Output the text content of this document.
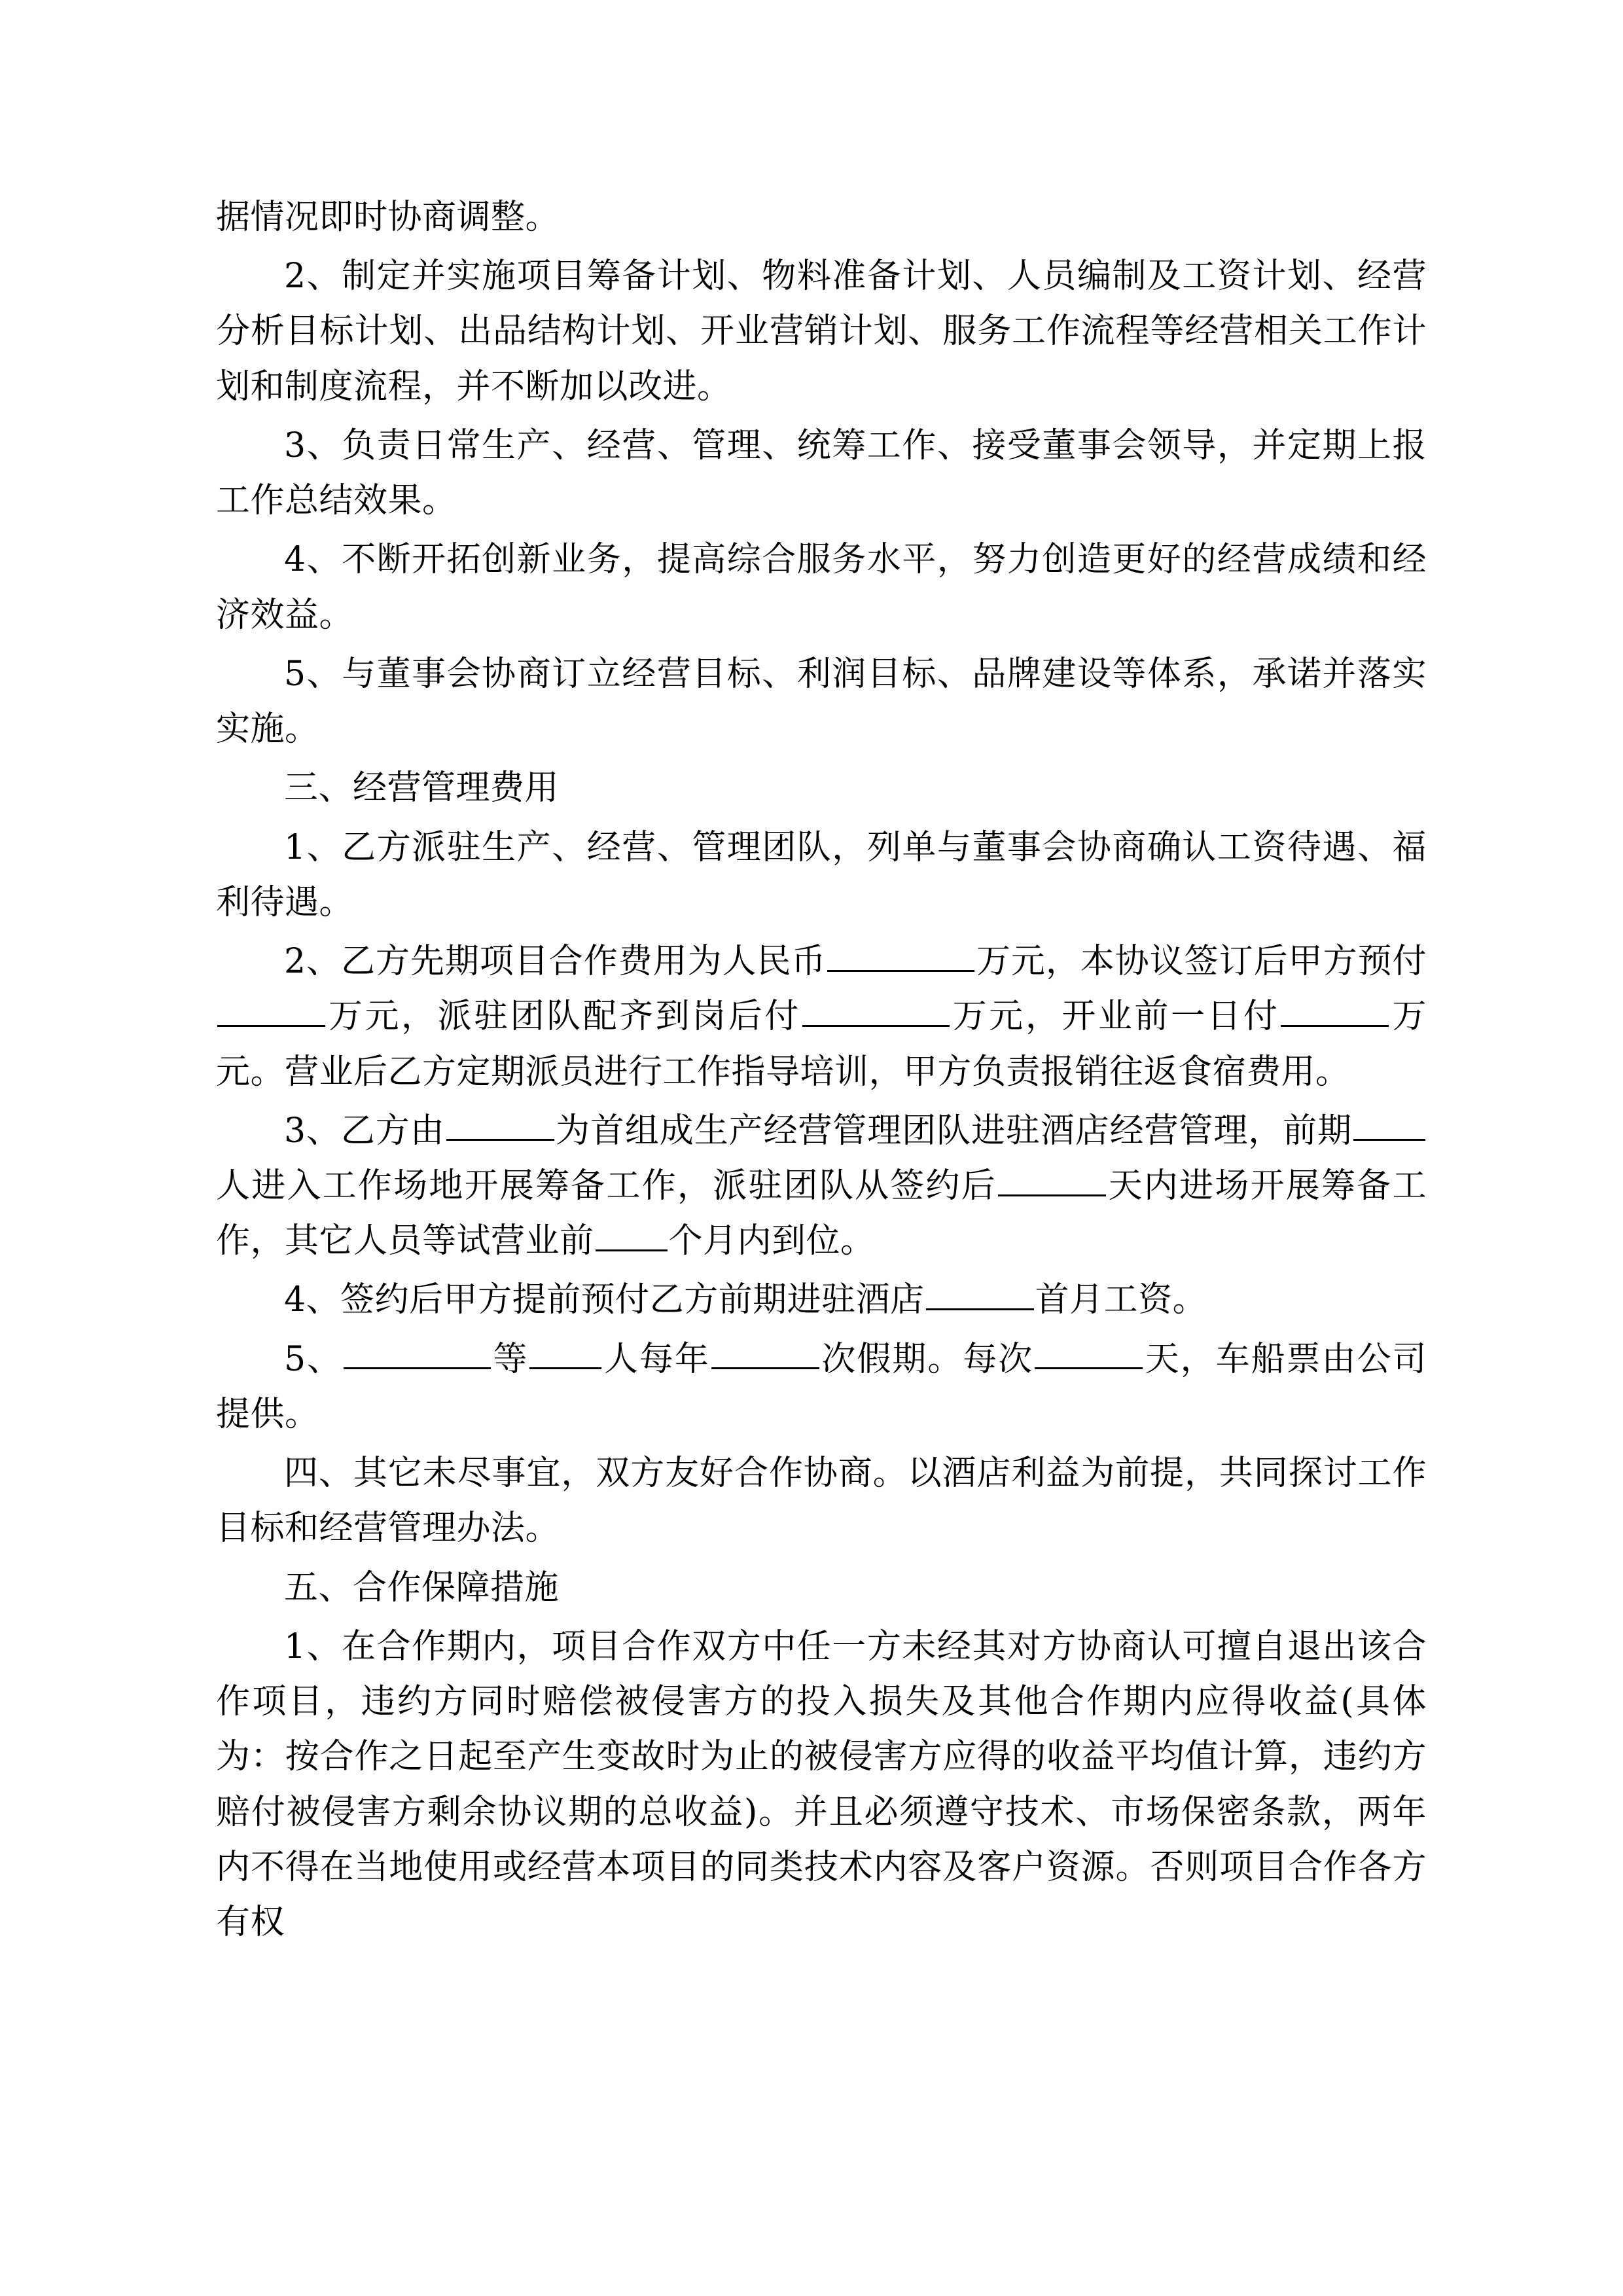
据情况即时协商调整。

2、制定并实施项目筹备计划、物料准备计划、人员编制及工资计划、经营分析目标计划、出品结构计划、开业营销计划、服务工作流程等经营相关工作计划和制度流程，并不断加以改进。

3、负责日常生产、经营、管理、统筹工作、接受董事会领导，并定期上报工作总结效果。

4、不断开拓创新业务，提高综合服务水平，努力创造更好的经营成绩和经济效益。

5、与董事会协商订立经营目标、利润目标、品牌建设等体系，承诺并落实实施。

三、经营管理费用

1、乙方派驻生产、经营、管理团队，列单与董事会协商确认工资待遇、福利待遇。

2、乙方先期项目合作费用为人民币	万元，本协议签订后甲方预付 万元，派驻团队配齐到岗后付	万元，开业前一日付	万元。营业后乙方定期派员进行工作指导培训，甲方负责报销往返食宿费用。

3、乙方由	为首组成生产经营管理团队进驻酒店经营管理，前期 人进入工作场地开展筹备工作，派驻团队从签约后	天内进场开展筹备工作，其它人员等试营业前 个月内到位。

4、签约后甲方提前预付乙方前期进驻酒店	首月工资。

5、	等 人每年	次假期。每次	天，车船票由公司提供。

四、其它未尽事宜，双方友好合作协商。以酒店利益为前提，共同探讨工作目标和经营管理办法。

五、合作保障措施

1、在合作期内，项目合作双方中任一方未经其对方协商认可擅自退出该合作项目，违约方同时赔偿被侵害方的投入损失及其他合作期内应得收益(具体为：按合作之日起至产生变故时为止的被侵害方应得的收益平均值计算，违约方赔付被侵害方剩余协议期的总收益)。并且必须遵守技术、市场保密条款，两年内不得在当地使用或经营本项目的同类技术内容及客户资源。否则项目合作各方有权
